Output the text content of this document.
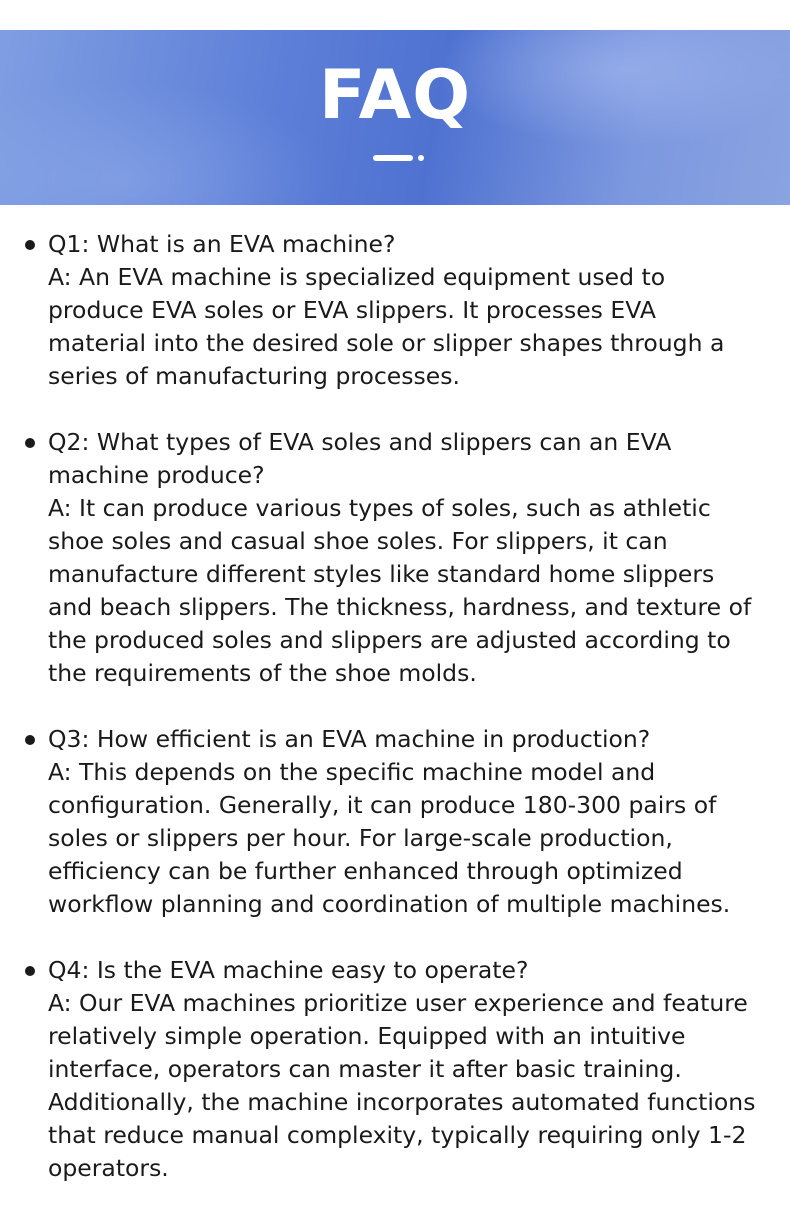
FAQ
Q1: What is an EVA machine?
A: An EVA machine is specialized equipment used to produce EVA soles or EVA slippers. It processes EVA material into the desired sole or slipper shapes through a series of manufacturing processes.
Q2: What types of EVA soles and slippers can an EVA machine produce?
A: It can produce various types of soles, such as athletic shoe soles and casual shoe soles. For slippers, it can manufacture different styles like standard home slippers and beach slippers. The thickness, hardness, and texture of the produced soles and slippers are adjusted according to the requirements of the shoe molds.
Q3: How efficient is an EVA machine in production?
A: This depends on the specific machine model and configuration. Generally, it can produce 180-300 pairs of soles or slippers per hour. For large-scale production, efficiency can be further enhanced through optimized workflow planning and coordination of multiple machines.
Q4: Is the EVA machine easy to operate?
A: Our EVA machines prioritize user experience and feature relatively simple operation. Equipped with an intuitive interface, operators can master it after basic training. Additionally, the machine incorporates automated functions that reduce manual complexity, typically requiring only 1-2 operators.
